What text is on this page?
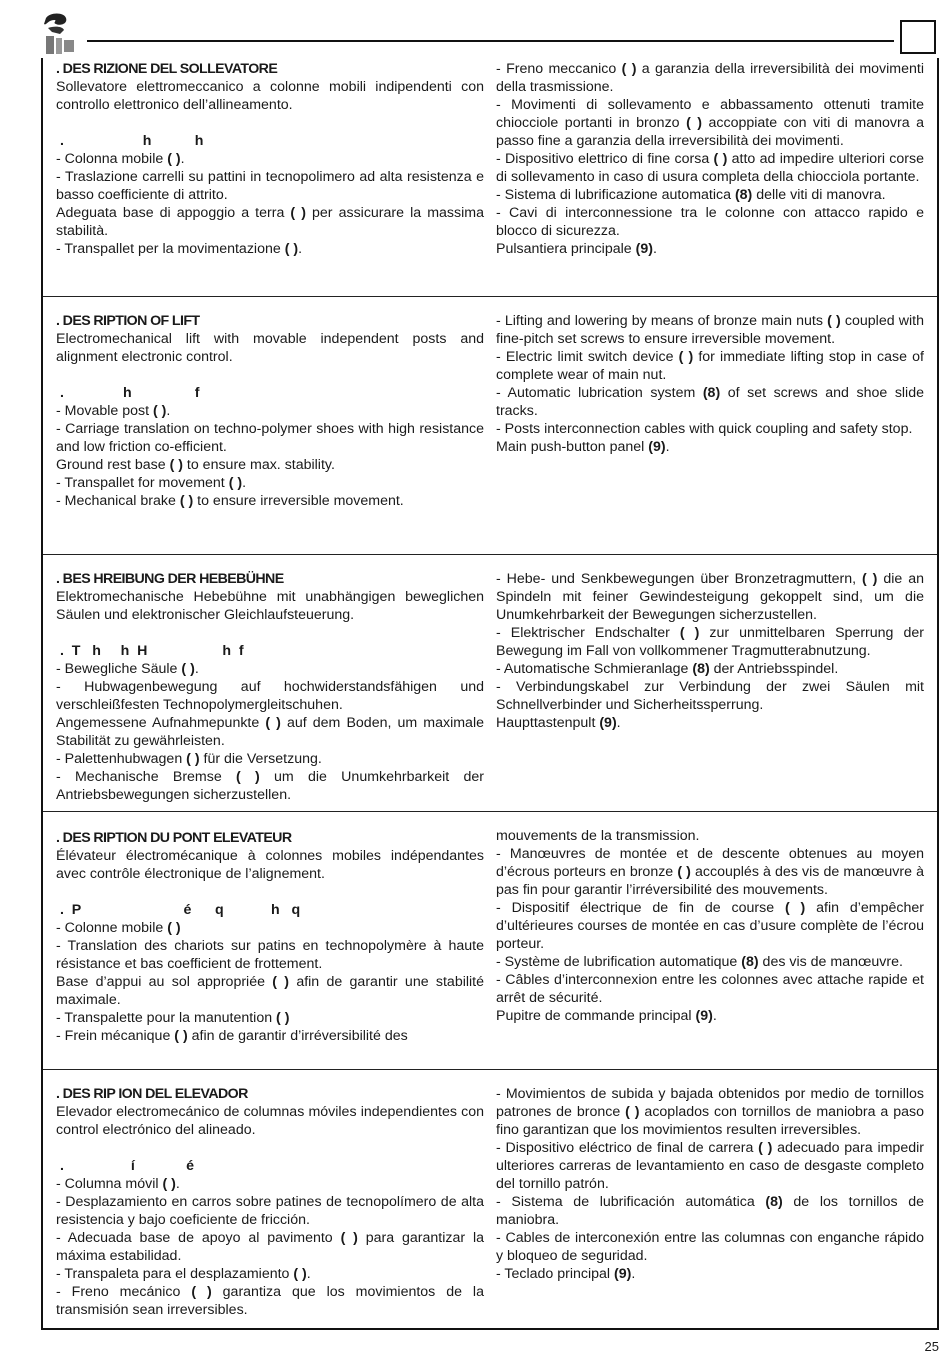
. DES RIZIONE DEL SOLLEVATORE
Sollevatore elettromeccanico a colonne mobili indipendenti con controllo elettronico dell’allineamento.
.                    h           h
- Colonna mobile ( ).
- Traslazione carrelli su pattini in tecnopolimero ad alta resistenza e basso coefficiente di attrito.
Adeguata base di appoggio a terra ( ) per assicurare la massima stabilità.
- Transpallet per la movimentazione ( ).
- Freno meccanico ( ) a garanzia della irreversibilità dei movimenti della trasmissione.
- Movimenti di sollevamento e abbassamento ottenuti tramite chiocciole portanti in bronzo ( ) accoppiate con viti di manovra a passo fine a garanzia della irreversibilità dei movimenti.
- Dispositivo elettrico di fine corsa ( ) atto ad impedire ulteriori corse di sollevamento in caso di usura completa della chiocciola portante.
- Sistema di lubrificazione automatica (8) delle viti di manovra.
- Cavi di interconnessione tra le colonne con attacco rapido e blocco di sicurezza.
Pulsantiera principale (9).
. DES RIPTION OF LIFT
Electromechanical lift with movable independent posts and alignment electronic control.
.               h                f
- Movable post ( ).
- Carriage translation on techno-polymer shoes with high resistance and low friction co-efficient.
Ground rest base ( ) to ensure max. stability.
- Transpallet for movement ( ).
- Mechanical brake ( ) to ensure irreversible movement.
- Lifting and lowering by means of bronze main nuts ( ) coupled with fine-pitch set screws to ensure irreversible movement.
- Electric limit switch device ( ) for immediate lifting stop in case of complete wear of main nut.
- Automatic lubrication system (8) of set screws and shoe slide tracks.
- Posts interconnection cables with quick coupling and safety stop.
Main push-button panel (9).
. BES HREIBUNG DER HEBEBÜHNE
Elektromechanische Hebebühne mit unabhängigen beweglichen Säulen und elektronischer Gleichlaufsteuerung.
.  T   h     h  H                   h  f
- Bewegliche Säule ( ).
- Hubwagenbewegung auf hochwiderstandsfähigen und verschleißfesten Technopolymergleitschuhen.
Angemessene Aufnahmepunkte ( ) auf dem Boden, um maximale Stabilität zu gewährleisten.
- Palettenhubwagen ( ) für die Versetzung.
- Mechanische Bremse ( ) um die Unumkehrbarkeit der Antriebsbewegungen sicherzustellen.
- Hebe- und Senkbewegungen über Bronzetragmuttern, ( ) die an Spindeln mit feiner Gewindesteigung gekoppelt sind, um die Unumkehrbarkeit der Bewegungen sicherzustellen.
- Elektrischer Endschalter ( ) zur unmittelbaren Sperrung der Bewegung im Fall von vollkommener Tragmutterabnutzung.
- Automatische Schmieranlage (8) der Antriebsspindel.
- Verbindungskabel zur Verbindung der zwei Säulen mit Schnellverbinder und Sicherheitssperrung.
Haupttastenpult (9).
. DES RIPTION DU PONT ELEVATEUR
Élévateur électromécanique à colonnes mobiles indépendantes avec contrôle électronique de l’alignement.
.  P                          é      q            h   q
- Colonne mobile ( )
- Translation des chariots sur patins en technopolymère à haute résistance et bas coefficient de frottement.
Base d’appui au sol appropriée ( ) afin de garantir une stabilité maximale.
- Transpalette pour la manutention ( )
- Frein mécanique ( ) afin de garantir d’irréversibilité des
mouvements de la transmission.
- Manœuvres de montée et de descente obtenues au moyen d’écrous porteurs en bronze ( ) accouplés à des vis de manœuvre à pas fin pour garantir l’irréversibilité des mouvements.
- Dispositif électrique de fin de course ( ) afin d’empêcher d’ultérieures courses de montée en cas d’usure complète de l’écrou porteur.
- Système de lubrification automatique (8) des vis de manœuvre.
- Câbles d’interconnexion entre les colonnes avec attache rapide et arrêt de sécurité.
Pupitre de commande principal (9).
. DES RIP ION DEL ELEVADOR
Elevador electromecánico de columnas móviles independientes con control electrónico del alineado.
.                 í             é
- Columna móvil ( ).
- Desplazamiento en carros sobre patines de tecnopolímero de alta resistencia y bajo coeficiente de fricción.
- Adecuada base de apoyo al pavimento ( ) para garantizar la máxima estabilidad.
- Transpaleta para el desplazamiento ( ).
- Freno mecánico ( ) garantiza que los movimientos de la transmisión sean irreversibles.
- Movimientos de subida y bajada obtenidos por medio de tornillos patrones de bronce ( ) acoplados con tornillos de maniobra a paso fino garantizan que los movimientos resulten irreversibles.
- Dispositivo eléctrico de final de carrera ( ) adecuado para impedir ulteriores carreras de levantamiento en caso de desgaste completo del tornillo patrón.
- Sistema de lubrificación automática (8) de los tornillos de maniobra.
- Cables de interconexión entre las columnas con enganche rápido y bloqueo de seguridad.
- Teclado principal (9).
25
